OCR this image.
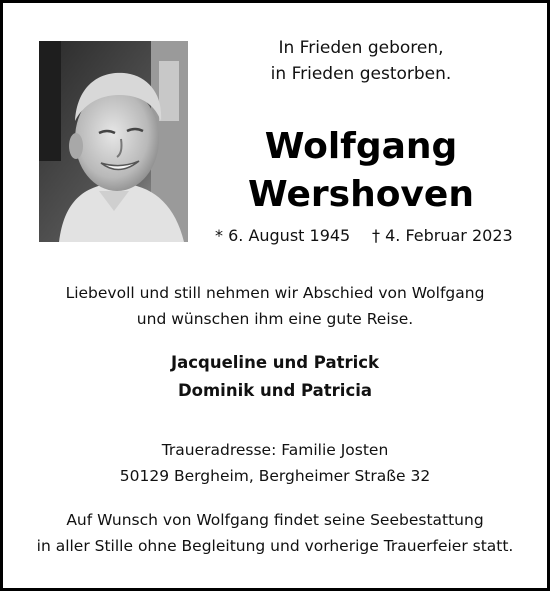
In Frieden geboren,
in Frieden gestorben.
Wolfgang
Wershoven
* 6. August 1945 † 4. Februar 2023
Liebevoll und still nehmen wir Abschied von Wolfgang
und wünschen ihm eine gute Reise.
Jacqueline und Patrick
Dominik und Patricia
Traueradresse: Familie Josten
50129 Bergheim, Bergheimer Straße 32
Auf Wunsch von Wolfgang findet seine Seebestattung
in aller Stille ohne Begleitung und vorherige Trauerfeier statt.
